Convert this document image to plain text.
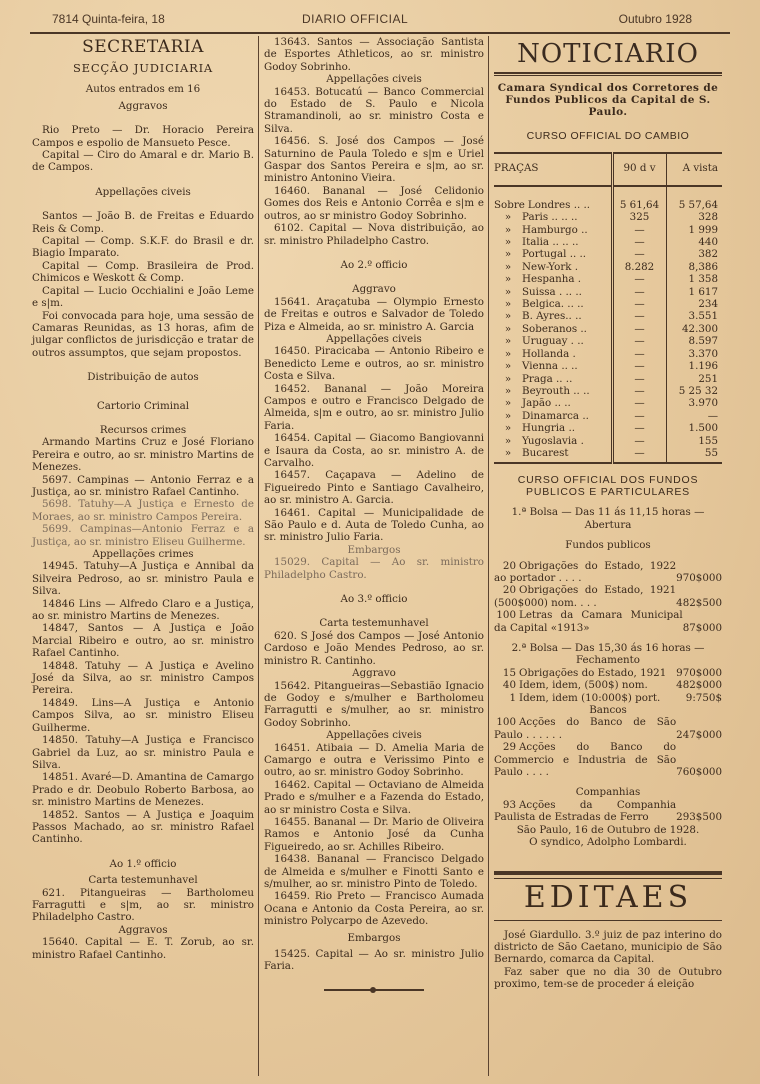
7814 Quinta-feira, 18	DIARIO OFFICIAL	Outubro 1928
SECRETARIA
SECÇÃO JUDICIARIA
Autos entrados em 16
Aggravos

Rio Preto — Dr. Horacio Pereira Campos e espolio de Mansueto Pesce.

Capital — Ciro do Amaral e dr. Mario B. de Campos.

Appellações civeis

Santos — João B. de Freitas e Eduardo Reis & Comp.

Capital — Comp. S.K.F. do Brasil e dr. Biagio Imparato.

Capital — Comp. Brasileira de Prod. Chimicos e Weskott & Comp.

Capital — Lucio Occhialini e João Leme e s|m.

Foi convocada para hoje, uma sessão de Camaras Reunidas, as 13 horas, afim de julgar conflictos de jurisdicção e tratar de outros assumptos, que sejam propostos.

Distribuição de autos
Cartorio Criminal
Recursos crimes

Armando Martins Cruz e José Floriano Pereira e outro, ao sr. ministro Martins de Menezes.

5697. Campinas — Antonio Ferraz e a Justiça, ao sr. ministro Rafael Cantinho.

5698. Tatuhy—A Justiça e Ernesto de Moraes, ao sr. ministro Campos Pereira.

5699. Campinas—Antonio Ferraz e a Justiça, ao sr. ministro Eliseu Guilherme.

Appellações crimes

14945. Tatuhy—A Justiça e Annibal da Silveira Pedroso, ao sr. ministro Paula e Silva.

14846 Lins — Alfredo Claro e a Justiça, ao sr. ministro Martins de Menezes.

14847, Santos — A Justiça e João Marcial Ribeiro e outro, ao sr. ministro Rafael Cantinho.

14848. Tatuhy — A Justiça e Avelino José da Silva, ao sr. ministro Campos Pereira.

14849. Lins—A Justiça e Antonio Campos Silva, ao sr. ministro Eliseu Guilherme.

14850. Tatuhy—A Justiça e Francisco Gabriel da Luz, ao sr. ministro Paula e Silva.

14851. Avaré—D. Amantina de Camargo Prado e dr. Deobulo Roberto Barbosa, ao sr. ministro Martins de Menezes.

14852. Santos — A Justiça e Joaquim Passos Machado, ao sr. ministro Rafael Cantinho.

Ao 1.º officio
Carta testemunhavel

621. Pitangueiras — Bartholomeu Farragutti e s|m, ao sr. ministro Philadelpho Castro.

Aggravos

15640. Capital — E. T. Zorub, ao sr. ministro Rafael Cantinho.

13643. Santos — Associação Santista de Esportes Athleticos, ao sr. ministro Godoy Sobrinho.

Appellações civeis

16453. Botucatú — Banco Commercial do Estado de S. Paulo e Nicola Stramandinoli, ao sr. ministro Costa e Silva.

16456. S. José dos Campos — José Saturnino de Paula Toledo e s|m e Uriel Gaspar dos Santos Pereira e s|m, ao sr. ministro Antonino Vieira.

16460. Bananal — José Celidonio Gomes dos Reis e Antonio Corrêa e s|m e outros, ao sr ministro Godoy Sobrinho.

6102. Capital — Nova distribuição, ao sr. ministro Philadelpho Castro.

Ao 2.º officio
Aggravo

15641. Araçatuba — Olympio Ernesto de Freitas e outros e Salvador de Toledo Piza e Almeida, ao sr. ministro A. Garcia

Appellações civeis

16450. Piracicaba — Antonio Ribeiro e Benedicto Leme e outros, ao sr. ministro Costa e Silva.

16452. Bananal — João Moreira Campos e outro e Francisco Delgado de Almeida, s|m e outro, ao sr. ministro Julio Faria.

16454. Capital — Giacomo Bangiovanni e Isaura da Costa, ao sr. ministro A. de Carvalho.

16457. Caçapava — Adelino de Figueiredo Pinto e Santiago Cavalheiro, ao sr. ministro A. Garcia.

16461. Capital — Municipalidade de São Paulo e d. Auta de Toledo Cunha, ao sr. ministro Julio Faria.

Embargos

15029. Capital — Ao sr. ministro Philadelpho Castro.

Ao 3.º officio
Carta testemunhavel

620. S José dos Campos — José Antonio Cardoso e João Mendes Pedroso, ao sr. ministro R. Cantinho.

Aggravo

15642. Pitangueiras—Sebastião Ignacio de Godoy e s/mulher e Bartholomeu Farragutti e s/mulher, ao sr. ministro Godoy Sobrinho.

Appellações civeis

16451. Atibaia — D. Amelia Maria de Camargo e outra e Verissimo Pinto e outro, ao sr. ministro Godoy Sobrinho.

16462. Capital — Octaviano de Almeida Prado e s/mulher e a Fazenda do Estado, ao sr ministro Costa e Silva.

16455. Bananal — Dr. Mario de Oliveira Ramos e Antonio José da Cunha Figueiredo, ao sr. Achilles Ribeiro.

16438. Bananal — Francisco Delgado de Almeida e s/mulher e Finotti Santo e s/mulher, ao sr. ministro Pinto de Toledo.

16459. Rio Preto — Francisco Aumada Ocana e Antonio da Costa Pereira, ao sr. ministro Polycarpo de Azevedo.

Embargos

15425. Capital — Ao sr. ministro Julio Faria.

NOTICIARIO
Camara Syndical dos Corretores de Fundos Publicos da Capital de S. Paulo.
CURSO OFFICIAL DO CAMBIO
PRAÇAS	90 d v	A vista
Sobre Londres .. ..	5 61,64	5 57,64
» Paris .. .. ..	325	328
» Hamburgo ..	—	1 999
» Italia .. .. ..	—	440
» Portugal .. ..	—	382
» New-York .	8.282	8,386
» Hespanha .	—	1 358
» Suissa . .. ..	—	1 617
» Belgica. .. ..	—	234
» B. Ayres.. ..	—	3.551
» Soberanos ..	—	42.300
» Uruguay . ..	—	8.597
» Hollanda .	—	3.370
» Vienna .. ..	—	1.196
» Praga .. ..	—	251
» Beyrouth .. ..	—	5 25 32
» Japão .. ..	—	3.970
» Dinamarca ..	—	—
» Hungria ..	—	1.500
» Yugoslavia .	—	155
» Bucarest	—	55
CURSO OFFICIAL DOS FUNDOS PUBLICOS E PARTICULARES
1.ª Bolsa — Das 11 ás 11,15 horas — Abertura
Fundos publicos
20 Obrigações do Estado, 1922 ao portador . . . .	970$000
20 Obrigações do Estado, 1921 (500$000) nom. . . .	482$500
100 Letras da Camara Municipal da Capital «1913»	87$000
2.ª Bolsa — Das 15,30 ás 16 horas — Fechamento
15 Obrigações do Estado, 1921 970$000
40 Idem, idem, (500$) nom.	482$000
1 Idem, idem (10:000$) port.	9:750$
Bancos
100 Acções do Banco de São Paulo . . . . . .	247$000
29 Acções do Banco do Commercio e Industria de São Paulo . . . .	760$000
Companhias
93 Acções da Companhia Paulista de Estradas de Ferro	293$500
São Paulo, 16 de Outubro de 1928.
O syndico, Adolpho Lombardi.
EDITAES

José Giardullo. 3.º juiz de paz interino do districto de São Caetano, municipio de São Bernardo, comarca da Capital.

Faz saber que no dia 30 de Outubro proximo, tem-se de proceder á eleição
